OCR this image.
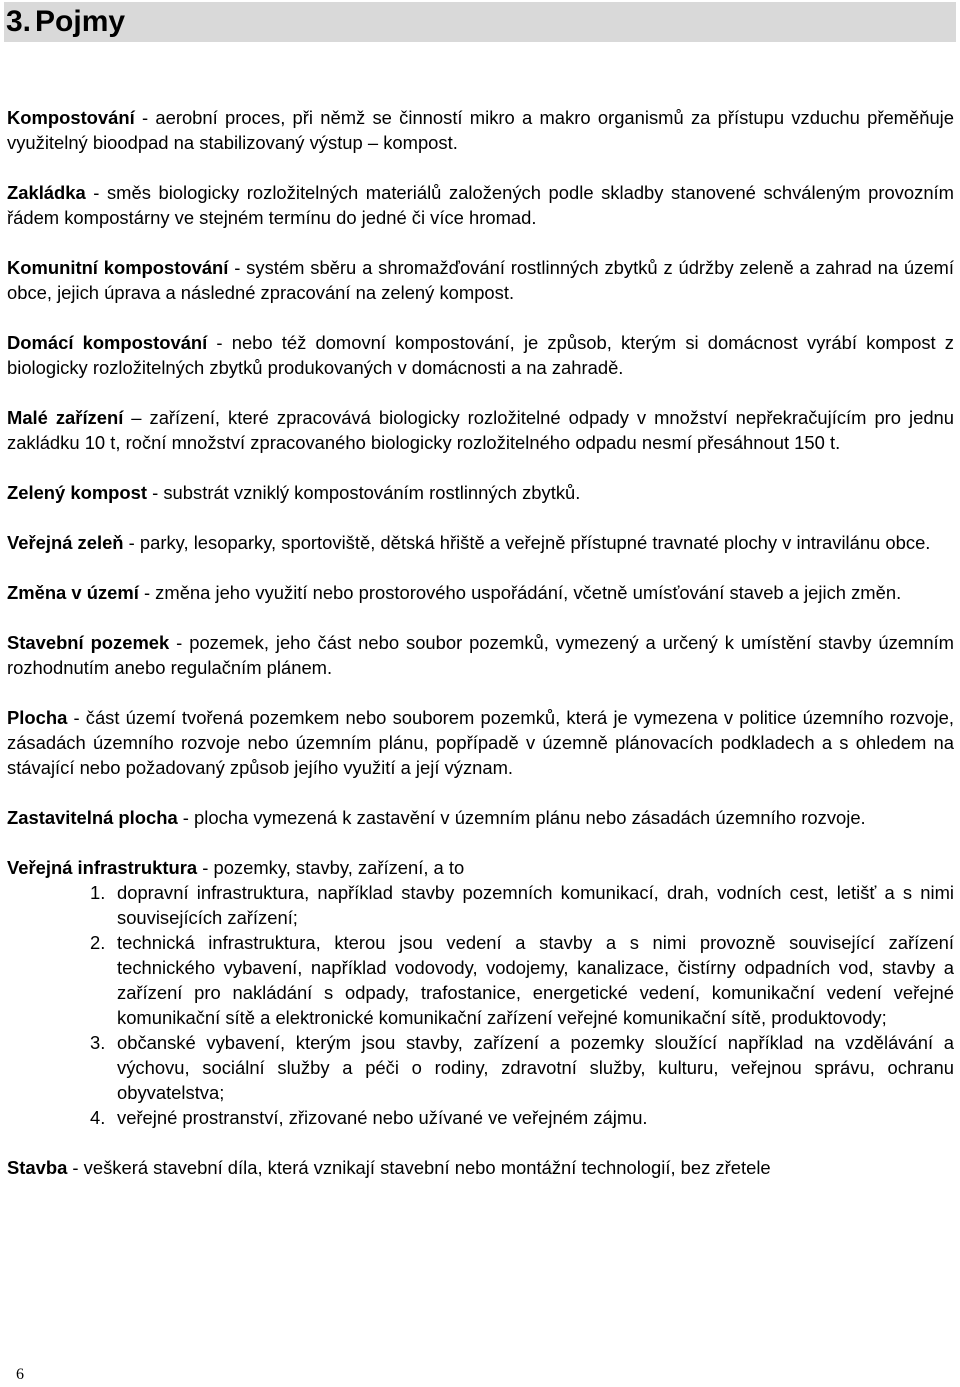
3. Pojmy

Kompostování - aerobní proces, při němž se činností mikro a makro organismů za přístupu vzduchu přeměňuje využitelný bioodpad na stabilizovaný výstup – kompost.

Zakládka - směs biologicky rozložitelných materiálů založených podle skladby stanovené schváleným provozním řádem kompostárny ve stejném termínu do jedné či více hromad.

Komunitní kompostování - systém sběru a shromažďování rostlinných zbytků z údržby zeleně a zahrad na území obce, jejich úprava a následné zpracování na zelený kompost.

Domácí kompostování - nebo též domovní kompostování, je způsob, kterým si domácnost vyrábí kompost z biologicky rozložitelných zbytků produkovaných v domácnosti a na zahradě.

Malé zařízení – zařízení, které zpracovává biologicky rozložitelné odpady v množství nepřekračujícím pro jednu zakládku 10 t, roční množství zpracovaného biologicky rozložitelného odpadu nesmí přesáhnout 150 t.

Zelený kompost - substrát vzniklý kompostováním rostlinných zbytků.

Veřejná zeleň - parky, lesoparky, sportoviště, dětská hřiště a veřejně přístupné travnaté plochy v intravilánu obce.

Změna v území - změna jeho využití nebo prostorového uspořádání, včetně umísťování staveb a jejich změn.

Stavební pozemek - pozemek, jeho část nebo soubor pozemků, vymezený a určený k umístění stavby územním rozhodnutím anebo regulačním plánem.

Plocha - část území tvořená pozemkem nebo souborem pozemků, která je vymezena v politice územního rozvoje, zásadách územního rozvoje nebo územním plánu, popřípadě v územně plánovacích podkladech a s ohledem na stávající nebo požadovaný způsob jejího využití a její význam.

Zastavitelná plocha - plocha vymezená k zastavění v územním plánu nebo zásadách územního rozvoje.

Veřejná infrastruktura - pozemky, stavby, zařízení, a to

1. dopravní infrastruktura, například stavby pozemních komunikací, drah, vodních cest, letišť a s nimi souvisejících zařízení;
2. technická infrastruktura, kterou jsou vedení a stavby a s nimi provozně související zařízení technického vybavení, například vodovody, vodojemy, kanalizace, čistírny odpadních vod, stavby a zařízení pro nakládání s odpady, trafostanice, energetické vedení, komunikační vedení veřejné komunikační sítě a elektronické komunikační zařízení veřejné komunikační sítě, produktovody;
3. občanské vybavení, kterým jsou stavby, zařízení a pozemky sloužící například na vzdělávání a výchovu, sociální služby a péči o rodiny, zdravotní služby, kulturu, veřejnou správu, ochranu obyvatelstva;
4. veřejné prostranství, zřizované nebo užívané ve veřejném zájmu.

Stavba - veškerá stavební díla, která vznikají stavební nebo montážní technologií, bez zřetele

6
